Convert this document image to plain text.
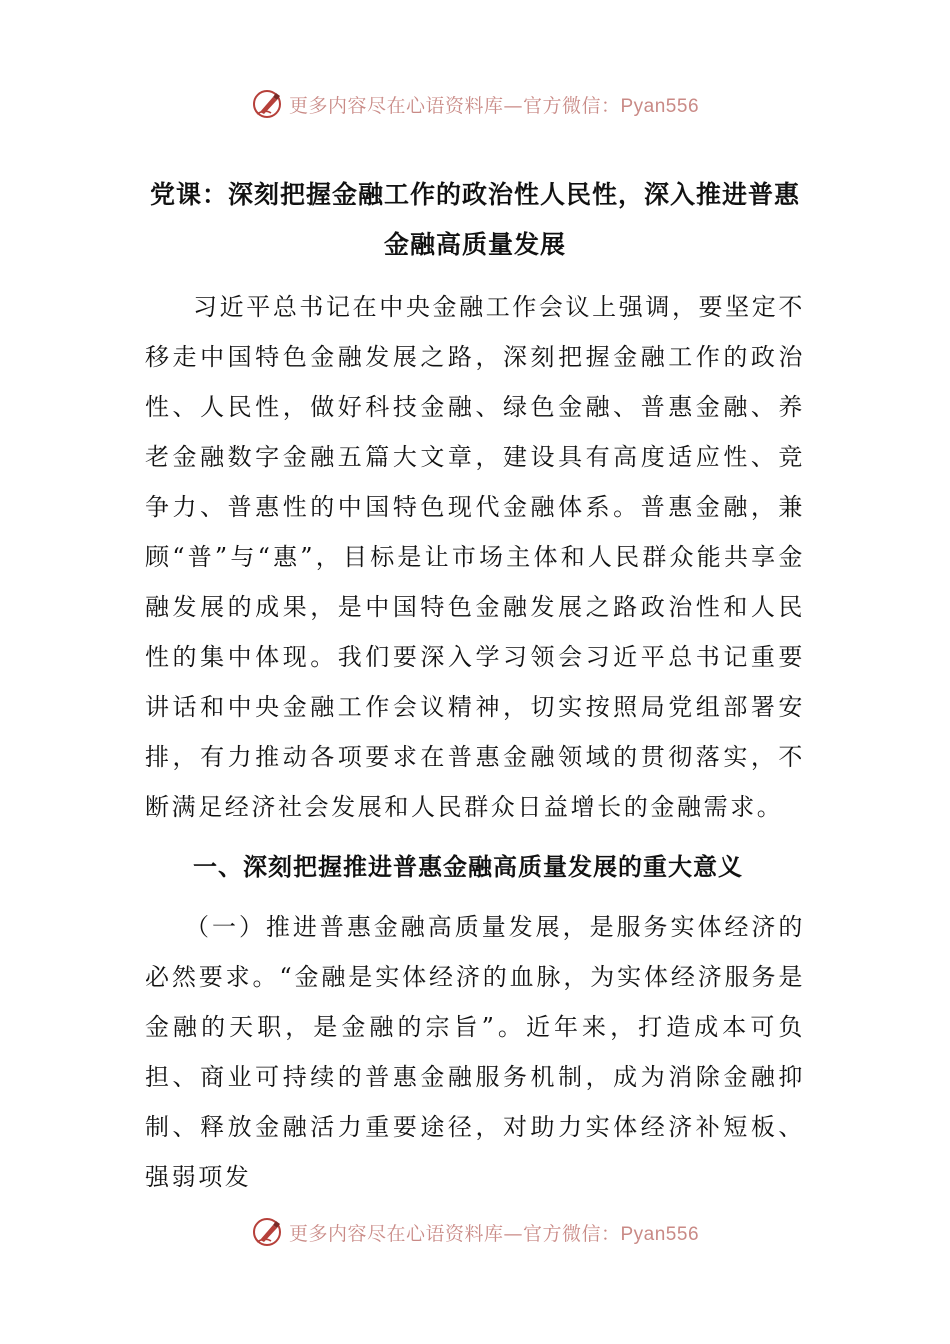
更多内容尽在心语资料库—官方微信：Pyan556
党课：深刻把握金融工作的政治性人民性，深入推进普惠
金融高质量发展
习近平总书记在中央金融工作会议上强调，要坚定不移走中国特色金融发展之路，深刻把握金融工作的政治性、人民性，做好科技金融、绿色金融、普惠金融、养老金融数字金融五篇大文章，建设具有高度适应性、竞争力、普惠性的中国特色现代金融体系。普惠金融，兼顾“普”与“惠”，目标是让市场主体和人民群众能共享金融发展的成果，是中国特色金融发展之路政治性和人民性的集中体现。我们要深入学习领会习近平总书记重要讲话和中央金融工作会议精神，切实按照局党组部署安排，有力推动各项要求在普惠金融领域的贯彻落实，不断满足经济社会发展和人民群众日益增长的金融需求。
一、深刻把握推进普惠金融高质量发展的重大意义
（一）推进普惠金融高质量发展，是服务实体经济的必然要求。“金融是实体经济的血脉，为实体经济服务是金融的天职，是金融的宗旨”。近年来，打造成本可负担、商业可持续的普惠金融服务机制，成为消除金融抑制、释放金融活力重要途径，对助力实体经济补短板、强弱项发
更多内容尽在心语资料库—官方微信：Pyan556
